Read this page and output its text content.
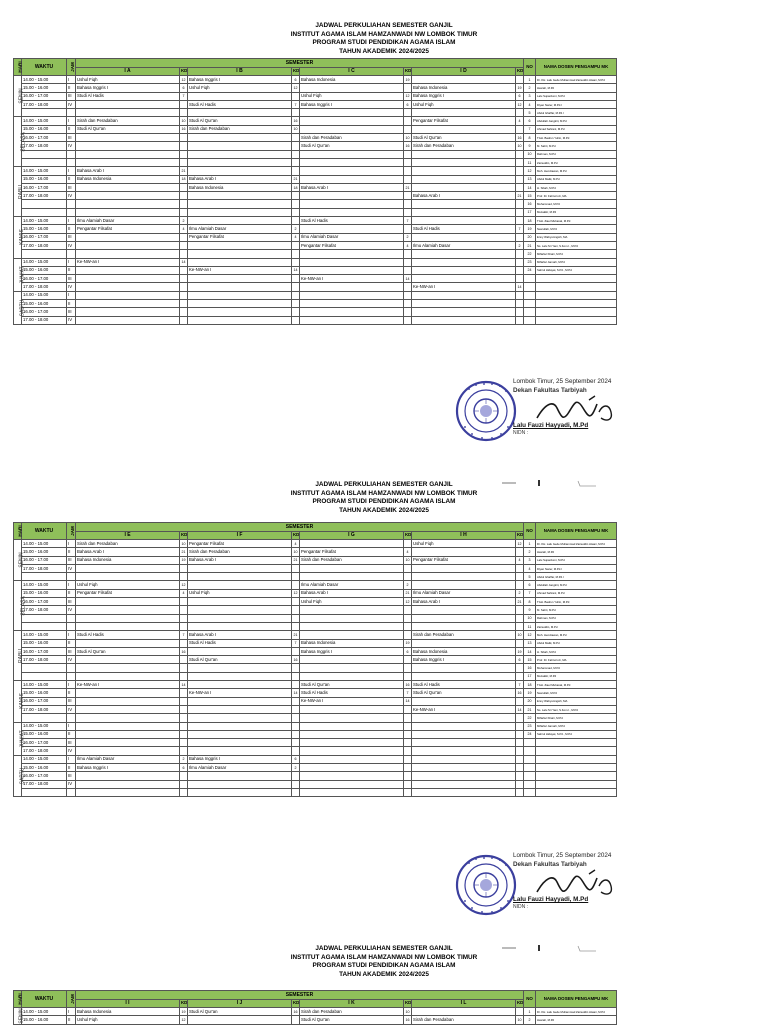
JADWAL PERKULIAHAN SEMESTER GANJIL
INSTITUT AGAMA ISLAM HAMZANWADI NW LOMBOK TIMUR
PROGRAM STUDI PENDIDIKAN AGAMA ISLAM
TAHUN AKADEMIK 2024/2025
JADWAL PERKULIAHAN SEMESTER GANJIL
INSTITUT AGAMA ISLAM HAMZANWADI NW LOMBOK TIMUR
PROGRAM STUDI PENDIDIKAN AGAMA ISLAM
TAHUN AKADEMIK 2024/2025
JADWAL PERKULIAHAN SEMESTER GANJIL
INSTITUT AGAMA ISLAM HAMZANWADI NW LOMBOK TIMUR
PROGRAM STUDI PENDIDIKAN AGAMA ISLAM
TAHUN AKADEMIK 2024/2025
HARI	WAKTU	JAM	SEMESTER								NO	NAMA DOSEN PENGAMPU MK
			I A	KD	I B	KD	I C	KD	I D	KD		
SENIN	14.00 - 15.00	I	Ushul Fiqh	12	Bahasa Inggris I	6	Bahasa Indonesia	19			1	Dr. KH. Lalu Gede Muhammad Zainuddin Atsani, M.Pd
	15.00 - 16.00	II	Bahasa Inggris I	6	Ushul Fiqh	12			Bahasa Indonesia	19	2	Hasrah, M.Pd
	16.00 - 17.00	III	Studi Al Hadis	7			Ushul Fiqh	12	Bahasa Inggris I	6	3	Lalu Supardomi, M.Pd
	17.00 - 18.00	IV			Studi Al Hadis	7	Bahasa Inggris I	6	Ushul Fiqh	12	4	Diyan Nazer, M.Pd.I
											5	Abdul Ghaffar, M.Pd.I
SELASA	14.00 - 15.00	I	Sirah dan Peradaban	10	Studi Al Qur'an	16			Pengantar Filsafat	4	6	Abdullah Jangkrit, M.Pd
	15.00 - 16.00	II	Studi Al Qur'an	16	Sirah dan Peradaban	10					7	Ahmad Sahrani, M.Pd
	16.00 - 17.00	III					Sirah dan Peradaban	10	Studi Al Qur'an	16	8	TGH. Badrun Yuhin, M.Pd
	17.00 - 18.00	IV					Studi Al Qur'an	16	Sirah dan Peradaban	10	9	M. Sahri, M.Pd
											10	Rahman, M.Pd
											11	Zainuddin, M.Pd
RABU	14.00 - 15.00	I	Bahasa Arab I	21							12	Moh. Hendrawan, M.Pd
	15.00 - 16.00	II	Bahasa Indonesia	18	Bahasa Arab I	21					13	Abdul Malik, M.Pd
	16.00 - 17.00	III			Bahasa Indonesia	18	Bahasa Arab I	21			14	H. Sibah, M.Pd
	17.00 - 18.00	IV							Bahasa Arab I	21	15	Prof. Dr. Fahrurrozi, MA
											16	Muhammad, M.Pd
											17	Muzakkir, M.Pd
KAMIS	14.00 - 15.00	I	Ilmu Alamiah Dasar	2			Studi Al Hadis	7			18	TGH. Ziaul Mubarak, M.Pd
	15.00 - 16.00	II	Pengantar Filsafat	4	Ilmu Alamiah Dasar	2			Studi Al Hadis	7	19	Nasrullah, M.Pd
	16.00 - 17.00	III			Pengantar Filsafat	4	Ilmu Alamiah Dasar	2			20	Enny Wahyuningsih, MA
	17.00 - 18.00	IV					Pengantar Filsafat	4	Ilmu Alamiah Dasar	2	21	Ns. Lalu Sri Yani, S.Kom.I., M.Pd
											22	Miftahul Khairi, M.Pd
JUM'AT	14.00 - 15.00	I	Ke-NW-an I	14							23	Miftahul Jannah, M.Pd
	15.00 - 16.00	II			Ke-NW-an I	14					24	Sahrul Hidayat, S.Pd., M.Pd
	16.00 - 17.00	III					Ke-NW-an I	14				
	17.00 - 18.00	IV							Ke-NW-an I	14		
SABTU	14.00 - 15.00	I										
	15.00 - 16.00	II										
	16.00 - 17.00	III										
	17.00 - 18.00	IV										
HARI	WAKTU	JAM	SEMESTER								NO	NAMA DOSEN PENGAMPU MK
			I E	KD	I F	KD	I G	KD	I H	KD		
SENIN	14.00 - 15.00	I	Sirah dan Peradaban	10	Pengantar Filsafat	4			Ushul Fiqh	12	1	Dr. KH. Lalu Gede Muhammad Zainuddin Atsani, M.Pd
	15.00 - 16.00	II	Bahasa Arab I	21	Sirah dan Peradaban	10	Pengantar Filsafat	4			2	Hasrah, M.Pd
	16.00 - 17.00	III	Bahasa Indonesia	19	Bahasa Arab I	21	Sirah dan Peradaban	10	Pengantar Filsafat	4	3	Lalu Supardomi, M.Pd
	17.00 - 18.00	IV									4	Diyan Nazer, M.Pd.I
											5	Abdul Ghaffar, M.Pd.I
SELASA	14.00 - 15.00	I	Ushul Fiqh	12			Ilmu Alamiah Dasar	2			6	Abdullah Jangkrit, M.Pd
	15.00 - 16.00	II	Pengantar Filsafat	4	Ushul Fiqh	12	Bahasa Arab I	21	Ilmu Alamiah Dasar	2	7	Ahmad Sahrani, M.Pd
	16.00 - 17.00	III					Ushul Fiqh	12	Bahasa Arab I	21	8	TGH. Badrun Yuhin, M.Pd
	17.00 - 18.00	IV									9	M. Sahri, M.Pd
											10	Rahman, M.Pd
											11	Zainuddin, M.Pd
RABU	14.00 - 15.00	I	Studi Al Hadis	7	Bahasa Arab I	21			Sirah dan Peradaban	10	12	Moh. Hendrawan, M.Pd
	15.00 - 16.00	II			Studi Al Hadis	7	Bahasa Indonesia	19			13	Abdul Malik, M.Pd
	16.00 - 17.00	III	Studi Al Qur'an	16			Bahasa Inggris I	6	Bahasa Indonesia	19	14	H. Sibah, M.Pd
	17.00 - 18.00	IV			Studi Al Qur'an	16			Bahasa Inggris I	6	15	Prof. Dr. Fahrurrozi, MA
											16	Muhammad, M.Pd
											17	Muzakkir, M.Pd
KAMIS	14.00 - 15.00	I	Ke-NW-an I	14			Studi Al Qur'an	16	Studi Al Hadis	7	18	TGH. Ziaul Mubarak, M.Pd
	15.00 - 16.00	II			Ke-NW-an I	14	Studi Al Hadis	7	Studi Al Qur'an	16	19	Nasrullah, M.Pd
	16.00 - 17.00	III					Ke-NW-an I	14			20	Enny Wahyuningsih, MA
	17.00 - 18.00	IV							Ke-NW-an I	14	21	Ns. Lalu Sri Yani, S.Kom.I., M.Pd
											22	Miftahul Khairi, M.Pd
JUM'AT	14.00 - 15.00	I									23	Miftahul Jannah, M.Pd
	15.00 - 16.00	II									24	Sahrul Hidayat, S.Pd., M.Pd
	16.00 - 17.00	III										
	17.00 - 18.00	IV										
SABTU	14.00 - 15.00	I	Ilmu Alamiah Dasar	2	Bahasa Inggris I	6						
	15.00 - 16.00	II	Bahasa Inggris I	6	Ilmu Alamiah Dasar	2						
	16.00 - 17.00	III										
	17.00 - 18.00	IV										

HARI	WAKTU	JAM	SEMESTER								NO	NAMA DOSEN PENGAMPU MK
			I I	KD	I J	KD	I K	KD	I L	KD		
SENIN	14.00 - 15.00	I	Bahasa Indonesia	19	Studi Al Qur'an	16	Sirah dan Peradaban	10			1	Dr. KH. Lalu Gede Muhammad Zainuddin Atsani, M.Pd
	15.00 - 16.00	II	Ushul Fiqh	12			Studi Al Qur'an	16	Sirah dan Peradaban	10	2	Hasrah, M.Pd
Lombok Timur, 25 September 2024
Dekan Fakultas Tarbiyah
Lalu Fauzi Hayyadi, M.Pd
NIDN :
Lombok Timur, 25 September 2024
Dekan Fakultas Tarbiyah
Lalu Fauzi Hayyadi, M.Pd
NIDN :
